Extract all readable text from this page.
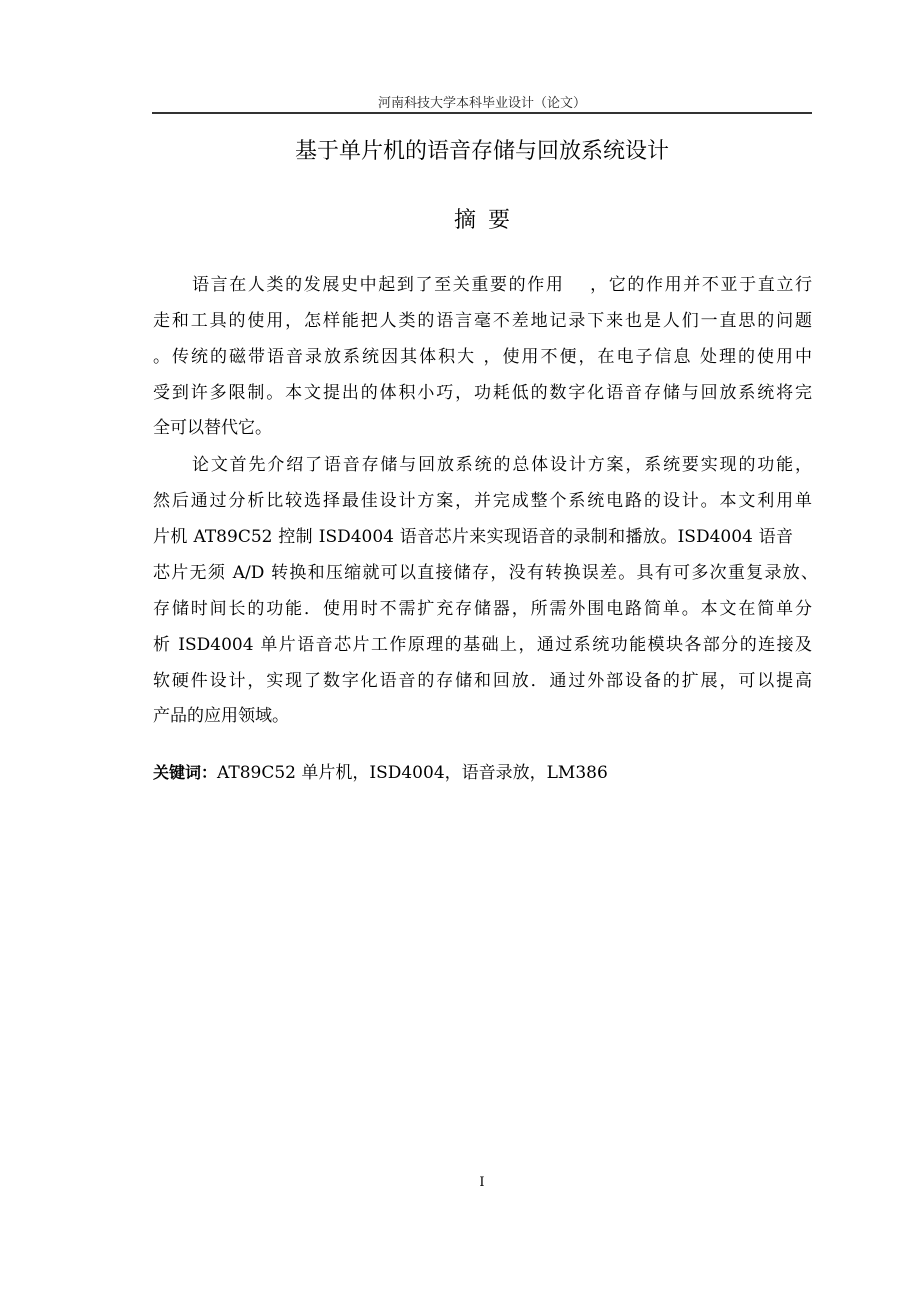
河南科技大学本科毕业设计（论文）
基于单片机的语音存储与回放系统设计
摘 要
语言在人类的发展史中起到了至关重要的作用　 ，它的作用并不亚于直立行
走和工具的使用，怎样能把人类的语言毫不差地记录下来也是人们一直思的问题
。传统的磁带语音录放系统因其体积大 ，使用不便，在电子信息 处理的使用中
受到许多限制。本文提出的体积小巧，功耗低的数字化语音存储与回放系统将完
全可以替代它。
论文首先介绍了语音存储与回放系统的总体设计方案，系统要实现的功能，
然后通过分析比较选择最佳设计方案，并完成整个系统电路的设计。本文利用单
片机 AT89C52 控制 ISD4004 语音芯片来实现语音的录制和播放。ISD4004 语音
芯片无须 A/D 转换和压缩就可以直接储存，没有转换误差。具有可多次重复录放、
存储时间长的功能．使用时不需扩充存储器，所需外围电路简单。本文在简单分
析 ISD4004 单片语音芯片工作原理的基础上，通过系统功能模块各部分的连接及
软硬件设计，实现了数字化语音的存储和回放．通过外部设备的扩展，可以提高
产品的应用领域。
关键词：AT89C52 单片机，ISD4004，语音录放，LM386
I
